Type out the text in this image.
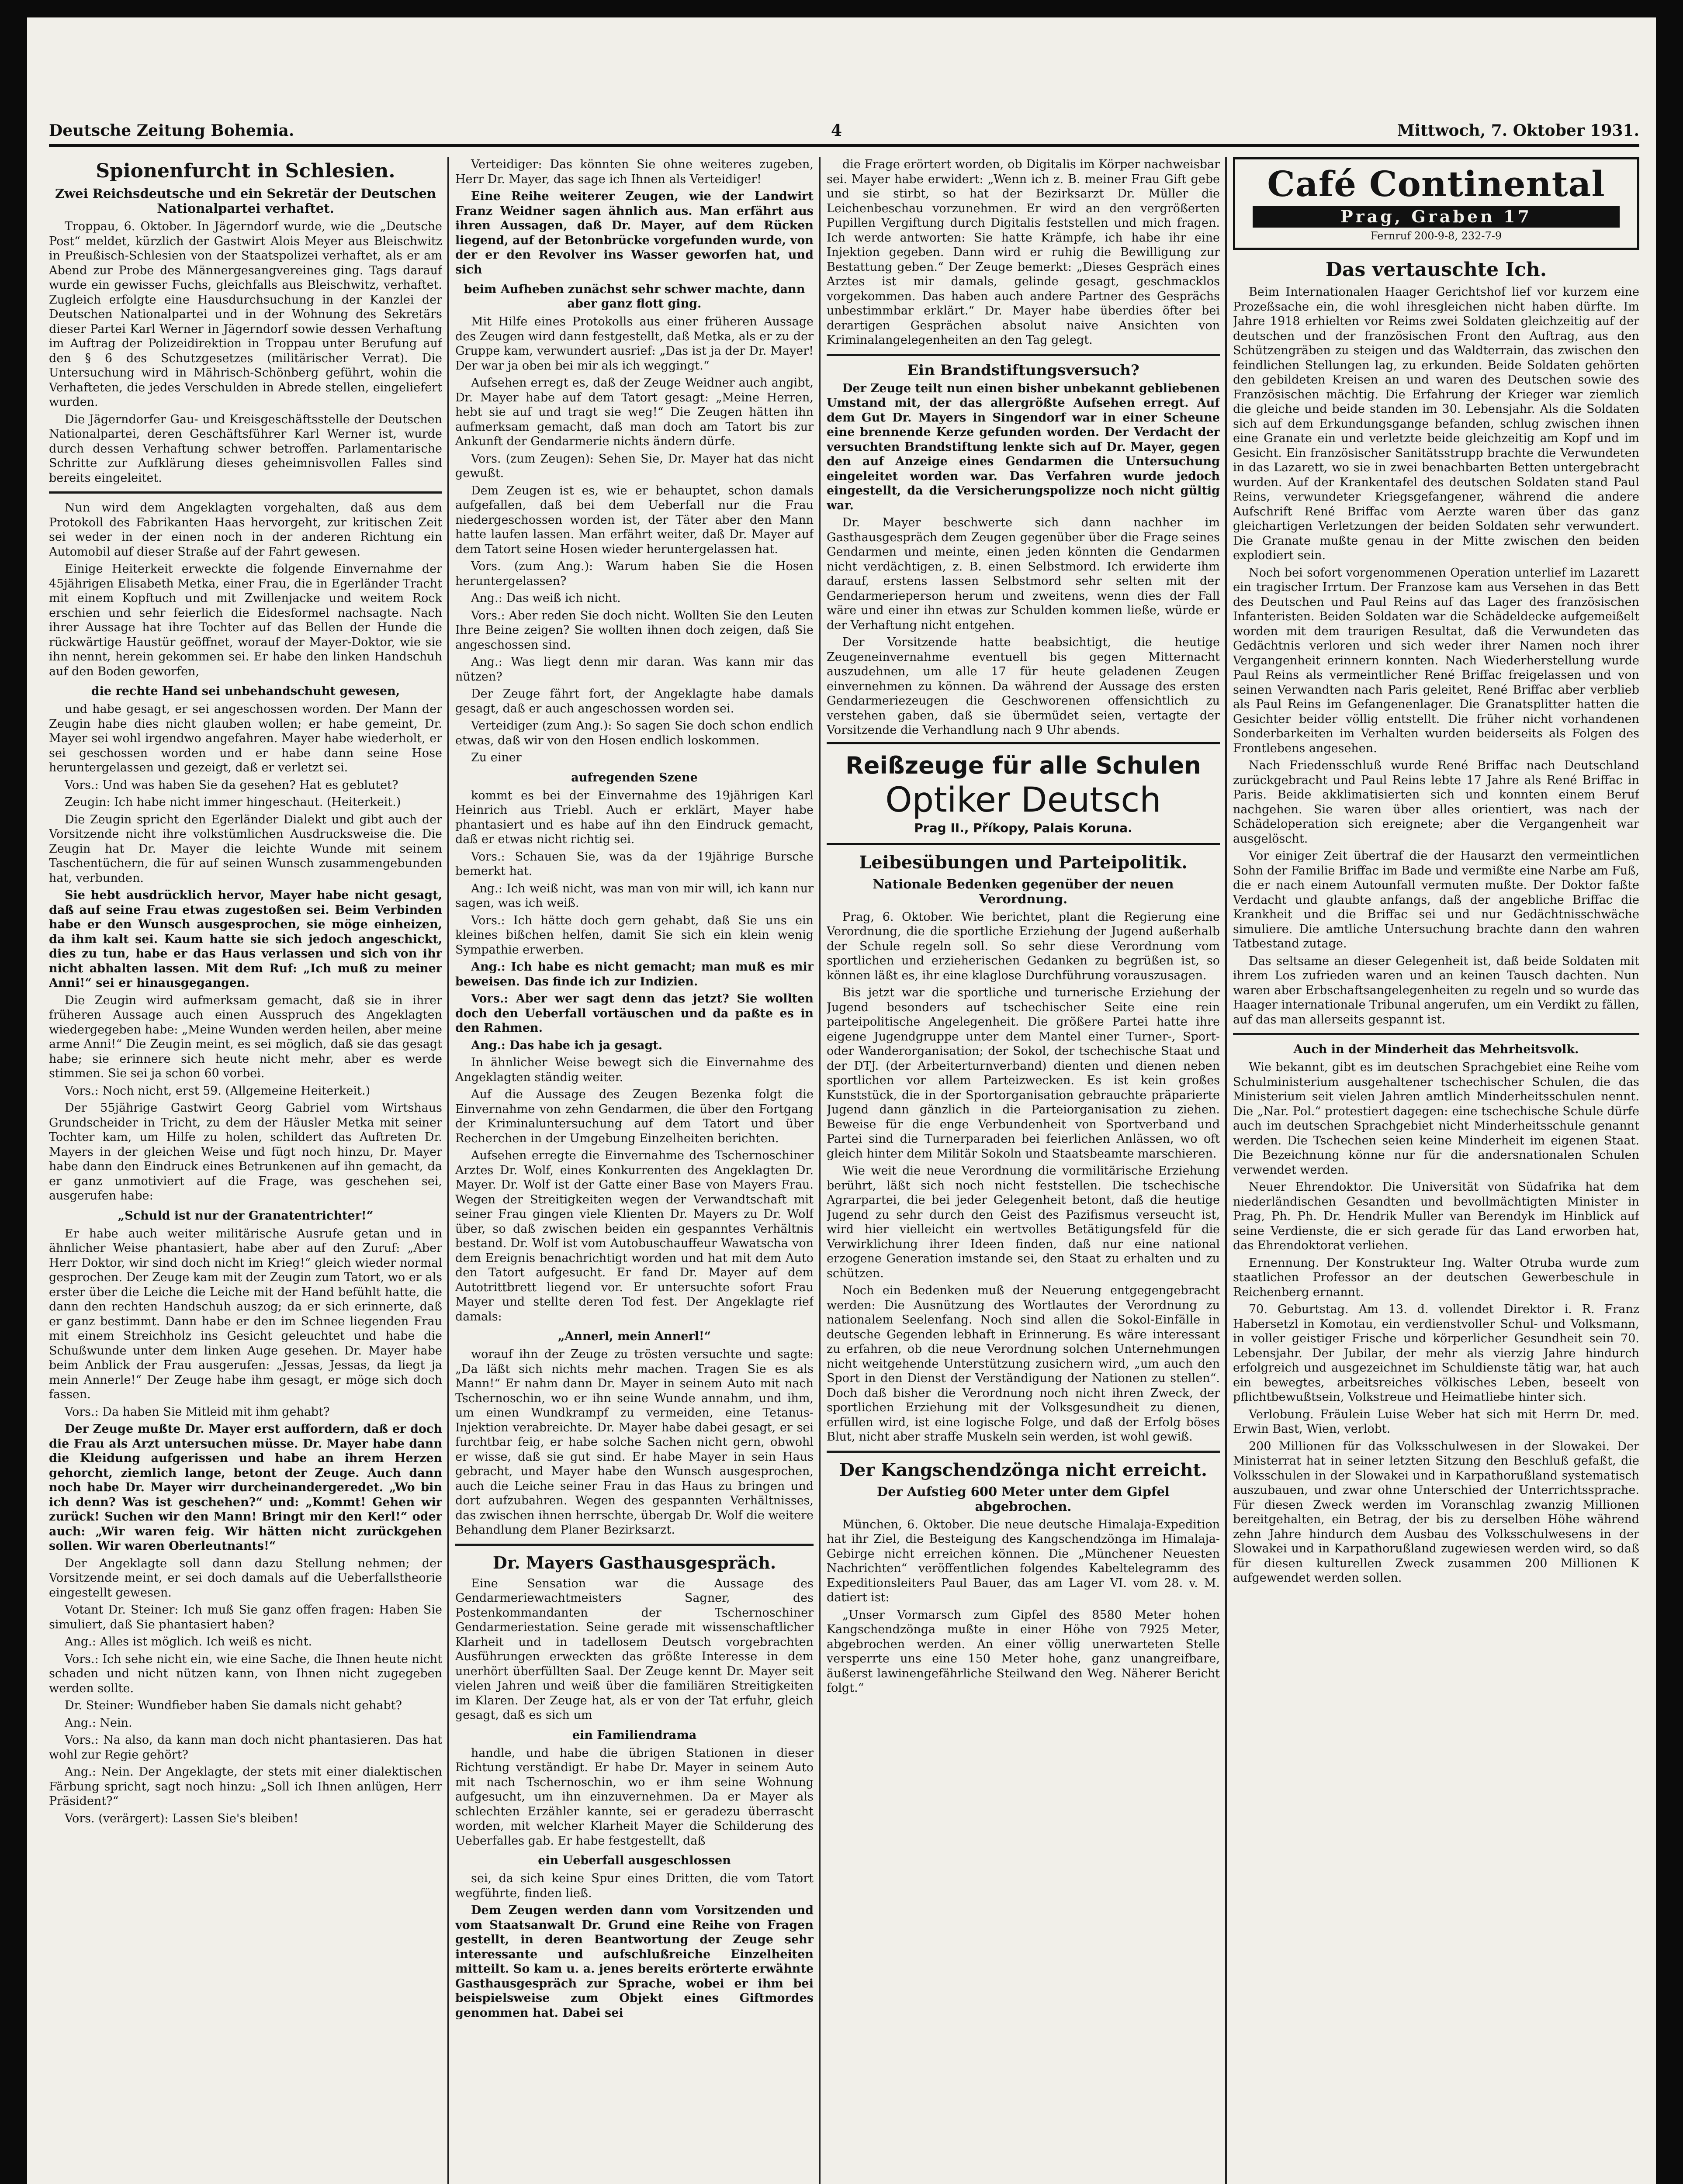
Deutsche Zeitung Bohemia.	4	Mittwoch, 7. Oktober 1931.
Spionenfurcht in Schlesien.
Zwei Reichsdeutsche und ein Sekretär der Deutschen Nationalpartei verhaftet.

Troppau, 6. Oktober. In Jägerndorf wurde, wie die „Deutsche Post“ meldet, kürzlich der Gastwirt Alois Meyer aus Bleischwitz in Preußisch-Schlesien von der Staatspolizei verhaftet, als er am Abend zur Probe des Männergesangvereines ging. Tags darauf wurde ein gewisser Fuchs, gleichfalls aus Bleischwitz, verhaftet. Zugleich erfolgte eine Hausdurchsuchung in der Kanzlei der Deutschen Nationalpartei und in der Wohnung des Sekretärs dieser Partei Karl Werner in Jägerndorf sowie dessen Verhaftung im Auftrag der Polizeidirektion in Troppau unter Berufung auf den § 6 des Schutzgesetzes (militärischer Verrat). Die Untersuchung wird in Mährisch-Schönberg geführt, wohin die Verhafteten, die jedes Verschulden in Abrede stellen, eingeliefert wurden.

Die Jägerndorfer Gau- und Kreisgeschäftsstelle der Deutschen Nationalpartei, deren Geschäftsführer Karl Werner ist, wurde durch dessen Verhaftung schwer betroffen. Parlamentarische Schritte zur Aufklärung dieses geheimnisvollen Falles sind bereits eingeleitet.

Nun wird dem Angeklagten vorgehalten, daß aus dem Protokoll des Fabrikanten Haas hervorgeht, zur kritischen Zeit sei weder in der einen noch in der anderen Richtung ein Automobil auf dieser Straße auf der Fahrt gewesen.

Einige Heiterkeit erweckte die folgende Einvernahme der 45jährigen Elisabeth Metka, einer Frau, die in Egerländer Tracht mit einem Kopftuch und mit Zwillenjacke und weitem Rock erschien und sehr feierlich die Eidesformel nachsagte. Nach ihrer Aussage hat ihre Tochter auf das Bellen der Hunde die rückwärtige Haustür geöffnet, worauf der Mayer-Doktor, wie sie ihn nennt, herein gekommen sei. Er habe den linken Handschuh auf den Boden geworfen,

die rechte Hand sei unbehandschuht gewesen,

und habe gesagt, er sei angeschossen worden. Der Mann der Zeugin habe dies nicht glauben wollen; er habe gemeint, Dr. Mayer sei wohl irgendwo angefahren. Mayer habe wiederholt, er sei geschossen worden und er habe dann seine Hose heruntergelassen und gezeigt, daß er verletzt sei.

Vors.: Und was haben Sie da gesehen? Hat es geblutet?

Zeugin: Ich habe nicht immer hingeschaut. (Heiterkeit.)

Die Zeugin spricht den Egerländer Dialekt und gibt auch der Vorsitzende nicht ihre volkstümlichen Ausdrucksweise die. Die Zeugin hat Dr. Mayer die leichte Wunde mit seinem Taschentüchern, die für auf seinen Wunsch zusammengebunden hat, verbunden.

Sie hebt ausdrücklich hervor, Mayer habe nicht gesagt, daß auf seine Frau etwas zugestoßen sei. Beim Verbinden habe er den Wunsch ausgesprochen, sie möge einheizen, da ihm kalt sei. Kaum hatte sie sich jedoch angeschickt, dies zu tun, habe er das Haus verlassen und sich von ihr nicht abhalten lassen. Mit dem Ruf: „Ich muß zu meiner Anni!“ sei er hinausgegangen.

Die Zeugin wird aufmerksam gemacht, daß sie in ihrer früheren Aussage auch einen Ausspruch des Angeklagten wiedergegeben habe: „Meine Wunden werden heilen, aber meine arme Anni!“ Die Zeugin meint, es sei möglich, daß sie das gesagt habe; sie erinnere sich heute nicht mehr, aber es werde stimmen. Sie sei ja schon 60 vorbei.

Vors.: Noch nicht, erst 59. (Allgemeine Heiterkeit.)

Der 55jährige Gastwirt Georg Gabriel vom Wirtshaus Grundscheider in Tricht, zu dem der Häusler Metka mit seiner Tochter kam, um Hilfe zu holen, schildert das Auftreten Dr. Mayers in der gleichen Weise und fügt noch hinzu, Dr. Mayer habe dann den Eindruck eines Betrunkenen auf ihn gemacht, da er ganz unmotiviert auf die Frage, was geschehen sei, ausgerufen habe:

„Schuld ist nur der Granatentrichter!“

Er habe auch weiter militärische Ausrufe getan und in ähnlicher Weise phantasiert, habe aber auf den Zuruf: „Aber Herr Doktor, wir sind doch nicht im Krieg!“ gleich wieder normal gesprochen. Der Zeuge kam mit der Zeugin zum Tatort, wo er als erster über die Leiche die Leiche mit der Hand befühlt hatte, die dann den rechten Handschuh auszog; da er sich erinnerte, daß er ganz bestimmt. Dann habe er den im Schnee liegenden Frau mit einem Streichholz ins Gesicht geleuchtet und habe die Schußwunde unter dem linken Auge gesehen. Dr. Mayer habe beim Anblick der Frau ausgerufen: „Jessas, Jessas, da liegt ja mein Annerle!“ Der Zeuge habe ihm gesagt, er möge sich doch fassen.

Vors.: Da haben Sie Mitleid mit ihm gehabt?

Der Zeuge mußte Dr. Mayer erst auffordern, daß er doch die Frau als Arzt untersuchen müsse. Dr. Mayer habe dann die Kleidung aufgerissen und habe an ihrem Herzen gehorcht, ziemlich lange, betont der Zeuge. Auch dann noch habe Dr. Mayer wirr durcheinandergeredet. „Wo bin ich denn? Was ist geschehen?“ und: „Kommt! Gehen wir zurück! Suchen wir den Mann! Bringt mir den Kerl!“ oder auch: „Wir waren feig. Wir hätten nicht zurückgehen sollen. Wir waren Oberleutnants!“

Der Angeklagte soll dann dazu Stellung nehmen; der Vorsitzende meint, er sei doch damals auf die Ueberfallstheorie eingestellt gewesen.

Votant Dr. Steiner: Ich muß Sie ganz offen fragen: Haben Sie simuliert, daß Sie phantasiert haben?

Ang.: Alles ist möglich. Ich weiß es nicht.

Vors.: Ich sehe nicht ein, wie eine Sache, die Ihnen heute nicht schaden und nicht nützen kann, von Ihnen nicht zugegeben werden sollte.

Dr. Steiner: Wundfieber haben Sie damals nicht gehabt?

Ang.: Nein.

Vors.: Na also, da kann man doch nicht phantasieren. Das hat wohl zur Regie gehört?

Ang.: Nein. Der Angeklagte, der stets mit einer dialektischen Färbung spricht, sagt noch hinzu: „Soll ich Ihnen anlügen, Herr Präsident?“

Vors. (verärgert): Lassen Sie's bleiben!

Verteidiger: Das könnten Sie ohne weiteres zugeben, Herr Dr. Mayer, das sage ich Ihnen als Verteidiger!

Eine Reihe weiterer Zeugen, wie der Landwirt Franz Weidner sagen ähnlich aus. Man erfährt aus ihren Aussagen, daß Dr. Mayer, auf dem Rücken liegend, auf der Betonbrücke vorgefunden wurde, von der er den Revolver ins Wasser geworfen hat, und sich

beim Aufheben zunächst sehr schwer machte, dann aber ganz flott ging.

Mit Hilfe eines Protokolls aus einer früheren Aussage des Zeugen wird dann festgestellt, daß Metka, als er zu der Gruppe kam, verwundert ausrief: „Das ist ja der Dr. Mayer! Der war ja oben bei mir als ich weggingt.“

Aufsehen erregt es, daß der Zeuge Weidner auch angibt, Dr. Mayer habe auf dem Tatort gesagt: „Meine Herren, hebt sie auf und tragt sie weg!“ Die Zeugen hätten ihn aufmerksam gemacht, daß man doch am Tatort bis zur Ankunft der Gendarmerie nichts ändern dürfe.

Vors. (zum Zeugen): Sehen Sie, Dr. Mayer hat das nicht gewußt.

Dem Zeugen ist es, wie er behauptet, schon damals aufgefallen, daß bei dem Ueberfall nur die Frau niedergeschossen worden ist, der Täter aber den Mann hatte laufen lassen. Man erfährt weiter, daß Dr. Mayer auf dem Tatort seine Hosen wieder heruntergelassen hat.

Vors. (zum Ang.): Warum haben Sie die Hosen heruntergelassen?

Ang.: Das weiß ich nicht.

Vors.: Aber reden Sie doch nicht. Wollten Sie den Leuten Ihre Beine zeigen? Sie wollten ihnen doch zeigen, daß Sie angeschossen sind.

Ang.: Was liegt denn mir daran. Was kann mir das nützen?

Der Zeuge fährt fort, der Angeklagte habe damals gesagt, daß er auch angeschossen worden sei.

Verteidiger (zum Ang.): So sagen Sie doch schon endlich etwas, daß wir von den Hosen endlich loskommen.

Zu einer

aufregenden Szene

kommt es bei der Einvernahme des 19jährigen Karl Heinrich aus Triebl. Auch er erklärt, Mayer habe phantasiert und es habe auf ihn den Eindruck gemacht, daß er etwas nicht richtig sei.

Vors.: Schauen Sie, was da der 19jährige Bursche bemerkt hat.

Ang.: Ich weiß nicht, was man von mir will, ich kann nur sagen, was ich weiß.

Vors.: Ich hätte doch gern gehabt, daß Sie uns ein kleines bißchen helfen, damit Sie sich ein klein wenig Sympathie erwerben.

Ang.: Ich habe es nicht gemacht; man muß es mir beweisen. Das finde ich zur Indizien.

Vors.: Aber wer sagt denn das jetzt? Sie wollten doch den Ueberfall vortäuschen und da paßte es in den Rahmen.

Ang.: Das habe ich ja gesagt.

In ähnlicher Weise bewegt sich die Einvernahme des Angeklagten ständig weiter.

Auf die Aussage des Zeugen Bezenka folgt die Einvernahme von zehn Gendarmen, die über den Fortgang der Kriminaluntersuchung auf dem Tatort und über Recherchen in der Umgebung Einzelheiten berichten.

Aufsehen erregte die Einvernahme des Tschernoschiner Arztes Dr. Wolf, eines Konkurrenten des Angeklagten Dr. Mayer. Dr. Wolf ist der Gatte einer Base von Mayers Frau. Wegen der Streitigkeiten wegen der Verwandtschaft mit seiner Frau gingen viele Klienten Dr. Mayers zu Dr. Wolf über, so daß zwischen beiden ein gespanntes Verhältnis bestand. Dr. Wolf ist vom Autobuschauffeur Wawatscha von dem Ereignis benachrichtigt worden und hat mit dem Auto den Tatort aufgesucht. Er fand Dr. Mayer auf dem Autotrittbrett liegend vor. Er untersuchte sofort Frau Mayer und stellte deren Tod fest. Der Angeklagte rief damals:

„Annerl, mein Annerl!“

worauf ihn der Zeuge zu trösten versuchte und sagte: „Da läßt sich nichts mehr machen. Tragen Sie es als Mann!“ Er nahm dann Dr. Mayer in seinem Auto mit nach Tschernoschin, wo er ihn seine Wunde annahm, und ihm, um einen Wundkrampf zu vermeiden, eine Tetanus-Injektion verabreichte. Dr. Mayer habe dabei gesagt, er sei furchtbar feig, er habe solche Sachen nicht gern, obwohl er wisse, daß sie gut sind. Er habe Mayer in sein Haus gebracht, und Mayer habe den Wunsch ausgesprochen, auch die Leiche seiner Frau in das Haus zu bringen und dort aufzubahren. Wegen des gespannten Verhältnisses, das zwischen ihnen herrschte, übergab Dr. Wolf die weitere Behandlung dem Planer Bezirksarzt.

Dr. Mayers Gasthausgespräch.

Eine Sensation war die Aussage des Gendarmeriewachtmeisters Sagner, des Postenkommandanten der Tschernoschiner Gendarmeriestation. Seine gerade mit wissenschaftlicher Klarheit und in tadellosem Deutsch vorgebrachten Ausführungen erweckten das größte Interesse in dem unerhört überfüllten Saal. Der Zeuge kennt Dr. Mayer seit vielen Jahren und weiß über die familiären Streitigkeiten im Klaren. Der Zeuge hat, als er von der Tat erfuhr, gleich gesagt, daß es sich um

ein Familiendrama

handle, und habe die übrigen Stationen in dieser Richtung verständigt. Er habe Dr. Mayer in seinem Auto mit nach Tschernoschin, wo er ihm seine Wohnung aufgesucht, um ihn einzuvernehmen. Da er Mayer als schlechten Erzähler kannte, sei er geradezu überrascht worden, mit welcher Klarheit Mayer die Schilderung des Ueberfalles gab. Er habe festgestellt, daß

ein Ueberfall ausgeschlossen

sei, da sich keine Spur eines Dritten, die vom Tatort wegführte, finden ließ.

Dem Zeugen werden dann vom Vorsitzenden und vom Staatsanwalt Dr. Grund eine Reihe von Fragen gestellt, in deren Beantwortung der Zeuge sehr interessante und aufschlußreiche Einzelheiten mitteilt. So kam u. a. jenes bereits erörterte erwähnte Gasthausgespräch zur Sprache, wobei er ihm bei beispielsweise zum Objekt eines Giftmordes genommen hat. Dabei sei

die Frage erörtert worden, ob Digitalis im Körper nachweisbar sei. Mayer habe erwidert: „Wenn ich z. B. meiner Frau Gift gebe und sie stirbt, so hat der Bezirksarzt Dr. Müller die Leichenbeschau vorzunehmen. Er wird an den vergrößerten Pupillen Vergiftung durch Digitalis feststellen und mich fragen. Ich werde antworten: Sie hatte Krämpfe, ich habe ihr eine Injektion gegeben. Dann wird er ruhig die Bewilligung zur Bestattung geben.“ Der Zeuge bemerkt: „Dieses Gespräch eines Arztes ist mir damals, gelinde gesagt, geschmacklos vorgekommen. Das haben auch andere Partner des Gesprächs unbestimmbar erklärt.“ Dr. Mayer habe überdies öfter bei derartigen Gesprächen absolut naive Ansichten von Kriminalangelegenheiten an den Tag gelegt.

Ein Brandstiftungsversuch?

Der Zeuge teilt nun einen bisher unbekannt gebliebenen Umstand mit, der das allergrößte Aufsehen erregt. Auf dem Gut Dr. Mayers in Singendorf war in einer Scheune eine brennende Kerze gefunden worden. Der Verdacht der versuchten Brandstiftung lenkte sich auf Dr. Mayer, gegen den auf Anzeige eines Gendarmen die Untersuchung eingeleitet worden war. Das Verfahren wurde jedoch eingestellt, da die Versicherungspolizze noch nicht gültig war.

Dr. Mayer beschwerte sich dann nachher im Gasthausgespräch dem Zeugen gegenüber über die Frage seines Gendarmen und meinte, einen jeden könnten die Gendarmen nicht verdächtigen, z. B. einen Selbstmord. Ich erwiderte ihm darauf, erstens lassen Selbstmord sehr selten mit der Gendarmerieperson herum und zweitens, wenn dies der Fall wäre und einer ihn etwas zur Schulden kommen ließe, würde er der Verhaftung nicht entgehen.

Der Vorsitzende hatte beabsichtigt, die heutige Zeugeneinvernahme eventuell bis gegen Mitternacht auszudehnen, um alle 17 für heute geladenen Zeugen einvernehmen zu können. Da während der Aussage des ersten Gendarmeriezeugen die Geschworenen offensichtlich zu verstehen gaben, daß sie übermüdet seien, vertagte der Vorsitzende die Verhandlung nach 9 Uhr abends.

Reißzeuge für alle Schulen
Optiker Deutsch
Prag II., Příkopy, Palais Koruna.
Leibesübungen und Parteipolitik.
Nationale Bedenken gegenüber der neuen Verordnung.

Prag, 6. Oktober. Wie berichtet, plant die Regierung eine Verordnung, die die sportliche Erziehung der Jugend außerhalb der Schule regeln soll. So sehr diese Verordnung vom sportlichen und erzieherischen Gedanken zu begrüßen ist, so können läßt es, ihr eine klaglose Durchführung vorauszusagen.

Bis jetzt war die sportliche und turnerische Erziehung der Jugend besonders auf tschechischer Seite eine rein parteipolitische Angelegenheit. Die größere Partei hatte ihre eigene Jugendgruppe unter dem Mantel einer Turner-, Sport- oder Wanderorganisation; der Sokol, der tschechische Staat und der DTJ. (der Arbeiterturnverband) dienten und dienen neben sportlichen vor allem Parteizwecken. Es ist kein großes Kunststück, die in der Sportorganisation gebrauchte präparierte Jugend dann gänzlich in die Parteiorganisation zu ziehen. Beweise für die enge Verbundenheit von Sportverband und Partei sind die Turnerparaden bei feierlichen Anlässen, wo oft gleich hinter dem Militär Sokoln und Staatsbeamte marschieren.

Wie weit die neue Verordnung die vormilitärische Erziehung berührt, läßt sich noch nicht feststellen. Die tschechische Agrarpartei, die bei jeder Gelegenheit betont, daß die heutige Jugend zu sehr durch den Geist des Pazifismus verseucht ist, wird hier vielleicht ein wertvolles Betätigungsfeld für die Verwirklichung ihrer Ideen finden, daß nur eine national erzogene Generation imstande sei, den Staat zu erhalten und zu schützen.

Noch ein Bedenken muß der Neuerung entgegengebracht werden: Die Ausnützung des Wortlautes der Verordnung zu nationalem Seelenfang. Noch sind allen die Sokol-Einfälle in deutsche Gegenden lebhaft in Erinnerung. Es wäre interessant zu erfahren, ob die neue Verordnung solchen Unternehmungen nicht weitgehende Unterstützung zusichern wird, „um auch den Sport in den Dienst der Verständigung der Nationen zu stellen“. Doch daß bisher die Verordnung noch nicht ihren Zweck, der sportlichen Erziehung mit der Volksgesundheit zu dienen, erfüllen wird, ist eine logische Folge, und daß der Erfolg böses Blut, nicht aber straffe Muskeln sein werden, ist wohl gewiß.

Der Kangschendzönga nicht erreicht.
Der Aufstieg 600 Meter unter dem Gipfel abgebrochen.

München, 6. Oktober. Die neue deutsche Himalaja-Expedition hat ihr Ziel, die Besteigung des Kangschendzönga im Himalaja-Gebirge nicht erreichen können. Die „Münchener Neuesten Nachrichten“ veröffentlichen folgendes Kabeltelegramm des Expeditionsleiters Paul Bauer, das am Lager VI. vom 28. v. M. datiert ist:

„Unser Vormarsch zum Gipfel des 8580 Meter hohen Kangschendzönga mußte in einer Höhe von 7925 Meter, abgebrochen werden. An einer völlig unerwarteten Stelle versperrte uns eine 150 Meter hohe, ganz unangreifbare, äußerst lawinengefährliche Steilwand den Weg. Näherer Bericht folgt.“

Café Continental
Prag, Graben 17
Fernruf 200-9-8, 232-7-9
Das vertauschte Ich.

Beim Internationalen Haager Gerichtshof lief vor kurzem eine Prozeßsache ein, die wohl ihresgleichen nicht haben dürfte. Im Jahre 1918 erhielten vor Reims zwei Soldaten gleichzeitig auf der deutschen und der französischen Front den Auftrag, aus den Schützengräben zu steigen und das Waldterrain, das zwischen den feindlichen Stellungen lag, zu erkunden. Beide Soldaten gehörten den gebildeten Kreisen an und waren des Deutschen sowie des Französischen mächtig. Die Erfahrung der Krieger war ziemlich die gleiche und beide standen im 30. Lebensjahr. Als die Soldaten sich auf dem Erkundungsgange befanden, schlug zwischen ihnen eine Granate ein und verletzte beide gleichzeitig am Kopf und im Gesicht. Ein französischer Sanitätsstrupp brachte die Verwundeten in das Lazarett, wo sie in zwei benachbarten Betten untergebracht wurden. Auf der Krankentafel des deutschen Soldaten stand Paul Reins, verwundeter Kriegsgefangener, während die andere Aufschrift René Briffac vom Aerzte waren über das ganz gleichartigen Verletzungen der beiden Soldaten sehr verwundert. Die Granate mußte genau in der Mitte zwischen den beiden explodiert sein.

Noch bei sofort vorgenommenen Operation unterlief im Lazarett ein tragischer Irrtum. Der Franzose kam aus Versehen in das Bett des Deutschen und Paul Reins auf das Lager des französischen Infanteristen. Beiden Soldaten war die Schädeldecke aufgemeißelt worden mit dem traurigen Resultat, daß die Verwundeten das Gedächtnis verloren und sich weder ihrer Namen noch ihrer Vergangenheit erinnern konnten. Nach Wiederherstellung wurde Paul Reins als vermeintlicher René Briffac freigelassen und von seinen Verwandten nach Paris geleitet, René Briffac aber verblieb als Paul Reins im Gefangenenlager. Die Granatsplitter hatten die Gesichter beider völlig entstellt. Die früher nicht vorhandenen Sonderbarkeiten im Verhalten wurden beiderseits als Folgen des Frontlebens angesehen.

Nach Friedensschluß wurde René Briffac nach Deutschland zurückgebracht und Paul Reins lebte 17 Jahre als René Briffac in Paris. Beide akklimatisierten sich und konnten einem Beruf nachgehen. Sie waren über alles orientiert, was nach der Schädeloperation sich ereignete; aber die Vergangenheit war ausgelöscht.

Vor einiger Zeit übertraf die der Hausarzt den vermeintlichen Sohn der Familie Briffac im Bade und vermißte eine Narbe am Fuß, die er nach einem Autounfall vermuten mußte. Der Doktor faßte Verdacht und glaubte anfangs, daß der angebliche Briffac die Krankheit und die Briffac sei und nur Gedächtnisschwäche simuliere. Die amtliche Untersuchung brachte dann den wahren Tatbestand zutage.

Das seltsame an dieser Gelegenheit ist, daß beide Soldaten mit ihrem Los zufrieden waren und an keinen Tausch dachten. Nun waren aber Erbschaftsangelegenheiten zu regeln und so wurde das Haager internationale Tribunal angerufen, um ein Verdikt zu fällen, auf das man allerseits gespannt ist.

Auch in der Minderheit das Mehrheitsvolk.

Wie bekannt, gibt es im deutschen Sprachgebiet eine Reihe vom Schulministerium ausgehaltener tschechischer Schulen, die das Ministerium seit vielen Jahren amtlich Minderheitsschulen nennt. Die „Nar. Pol.“ protestiert dagegen: eine tschechische Schule dürfe auch im deutschen Sprachgebiet nicht Minderheitsschule genannt werden. Die Tschechen seien keine Minderheit im eigenen Staat. Die Bezeichnung könne nur für die andersnationalen Schulen verwendet werden.

Neuer Ehrendoktor. Die Universität von Südafrika hat dem niederländischen Gesandten und bevollmächtigten Minister in Prag, Ph. Ph. Dr. Hendrik Muller van Berendyk im Hinblick auf seine Verdienste, die er sich gerade für das Land erworben hat, das Ehrendoktorat verliehen.

Ernennung. Der Konstrukteur Ing. Walter Otruba wurde zum staatlichen Professor an der deutschen Gewerbeschule in Reichenberg ernannt.

70. Geburtstag. Am 13. d. vollendet Direktor i. R. Franz Habersetzl in Komotau, ein verdienstvoller Schul- und Volksmann, in voller geistiger Frische und körperlicher Gesundheit sein 70. Lebensjahr. Der Jubilar, der mehr als vierzig Jahre hindurch erfolgreich und ausgezeichnet im Schuldienste tätig war, hat auch ein bewegtes, arbeitsreiches völkisches Leben, beseelt von pflichtbewußtsein, Volkstreue und Heimatliebe hinter sich.

Verlobung. Fräulein Luise Weber hat sich mit Herrn Dr. med. Erwin Bast, Wien, verlobt.

200 Millionen für das Volksschulwesen in der Slowakei. Der Ministerrat hat in seiner letzten Sitzung den Beschluß gefaßt, die Volksschulen in der Slowakei und in Karpathorußland systematisch auszubauen, und zwar ohne Unterschied der Unterrichtssprache. Für diesen Zweck werden im Voranschlag zwanzig Millionen bereitgehalten, ein Betrag, der bis zu derselben Höhe während zehn Jahre hindurch dem Ausbau des Volksschulwesens in der Slowakei und in Karpathorußland zugewiesen werden wird, so daß für diesen kulturellen Zweck zusammen 200 Millionen K aufgewendet werden sollen.
